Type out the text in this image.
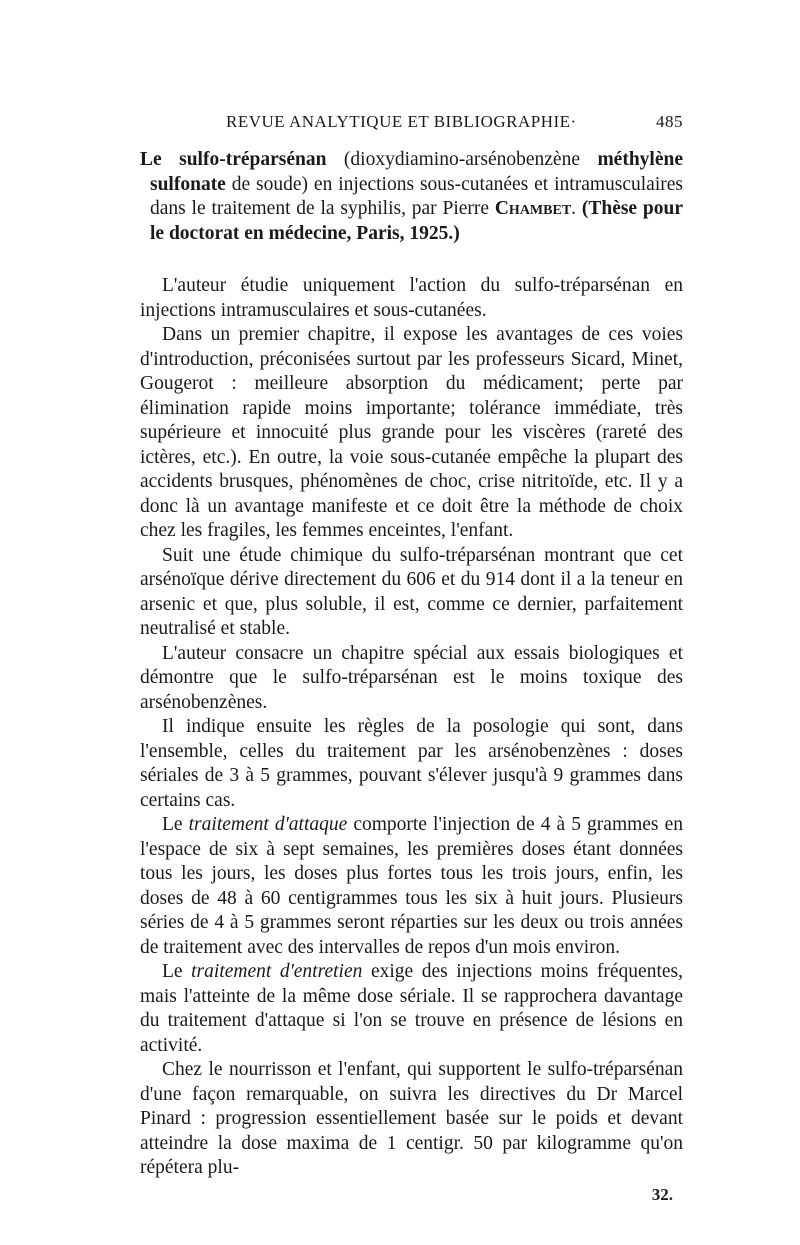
REVUE ANALYTIQUE ET BIBLIOGRAPHIE·	485
Le sulfo-tréparsénan (dioxydiamino-arsénobenzène méthylène sulfonate de soude) en injections sous-cutanées et intramusculaires dans le traitement de la syphilis, par Pierre Chambet. (Thèse pour le doctorat en médecine, Paris, 1925.)

L'auteur étudie uniquement l'action du sulfo-tréparsénan en injections intramusculaires et sous-cutanées.

Dans un premier chapitre, il expose les avantages de ces voies d'introduction, préconisées surtout par les professeurs Sicard, Minet, Gougerot : meilleure absorption du médicament; perte par élimination rapide moins importante; tolérance immédiate, très supérieure et innocuité plus grande pour les viscères (rareté des ictères, etc.). En outre, la voie sous-cutanée empêche la plupart des accidents brusques, phénomènes de choc, crise nitritoïde, etc. Il y a donc là un avantage manifeste et ce doit être la méthode de choix chez les fragiles, les femmes enceintes, l'enfant.

Suit une étude chimique du sulfo-tréparsénan montrant que cet arsénoïque dérive directement du 606 et du 914 dont il a la teneur en arsenic et que, plus soluble, il est, comme ce dernier, parfaitement neutralisé et stable.

L'auteur consacre un chapitre spécial aux essais biologiques et démontre que le sulfo-tréparsénan est le moins toxique des arsénobenzènes.

Il indique ensuite les règles de la posologie qui sont, dans l'ensemble, celles du traitement par les arsénobenzènes : doses sériales de 3 à 5 grammes, pouvant s'élever jusqu'à 9 grammes dans certains cas.

Le traitement d'attaque comporte l'injection de 4 à 5 grammes en l'espace de six à sept semaines, les premières doses étant données tous les jours, les doses plus fortes tous les trois jours, enfin, les doses de 48 à 60 centigrammes tous les six à huit jours. Plusieurs séries de 4 à 5 grammes seront réparties sur les deux ou trois années de traitement avec des intervalles de repos d'un mois environ.

Le traitement d'entretien exige des injections moins fréquentes, mais l'atteinte de la même dose sériale. Il se rapprochera davantage du traitement d'attaque si l'on se trouve en présence de lésions en activité.

Chez le nourrisson et l'enfant, qui supportent le sulfo-tréparsénan d'une façon remarquable, on suivra les directives du Dr Marcel Pinard : progression essentiellement basée sur le poids et devant atteindre la dose maxima de 1 centigr. 50 par kilogramme qu'on répétera plu-

32.
